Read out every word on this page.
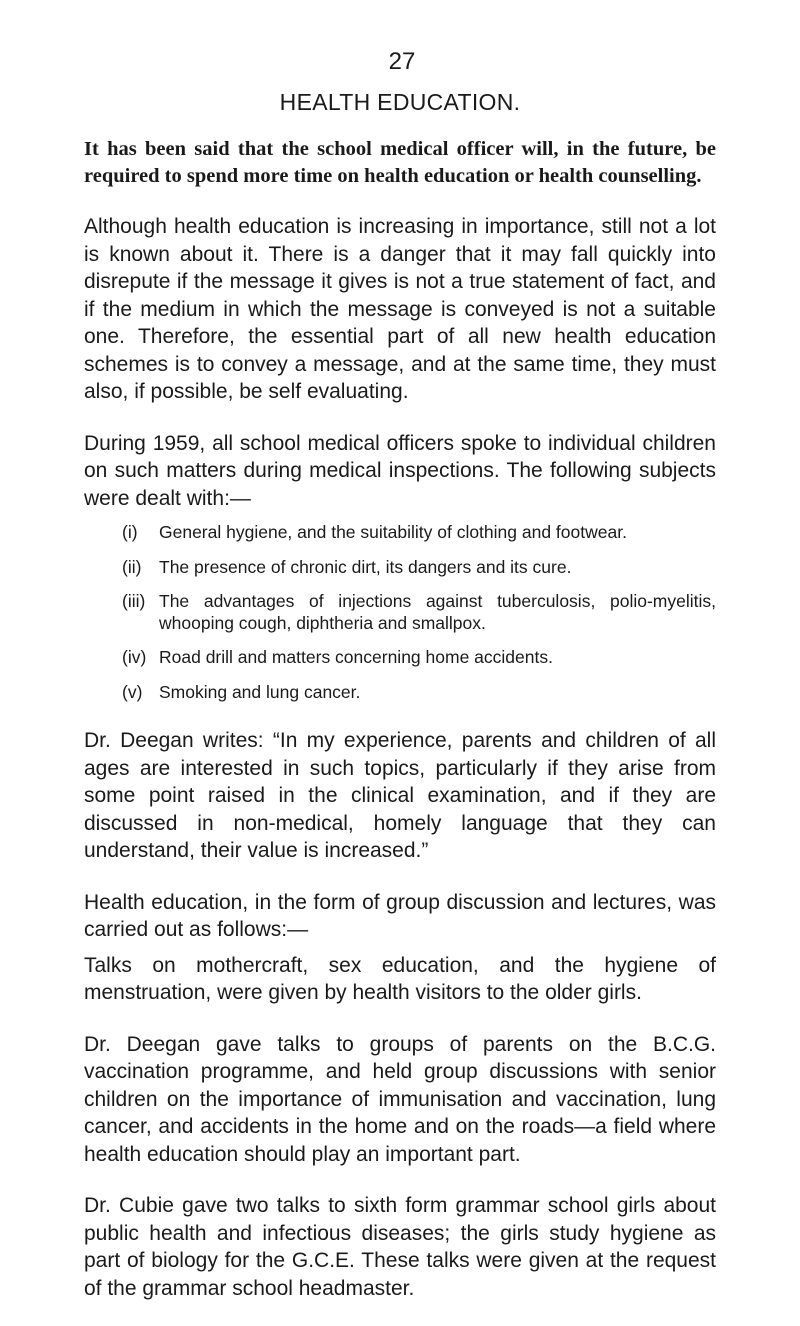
27
HEALTH EDUCATION.

It has been said that the school medical officer will, in the future, be required to spend more time on health education or health counselling.

Although health education is increasing in importance, still not a lot is known about it. There is a danger that it may fall quickly into disrepute if the message it gives is not a true statement of fact, and if the medium in which the message is conveyed is not a suitable one. Therefore, the essential part of all new health education schemes is to convey a message, and at the same time, they must also, if possible, be self evaluating.

During 1959, all school medical officers spoke to individual children on such matters during medical inspections. The following subjects were dealt with:—

(i)	General hygiene, and the suitability of clothing and footwear.
(ii)	The presence of chronic dirt, its dangers and its cure.
(iii) The advantages of injections against tuberculosis, polio-myelitis, whooping cough, diphtheria and smallpox.
(iv) Road drill and matters concerning home accidents.
(v) Smoking and lung cancer.

Dr. Deegan writes: “In my experience, parents and children of all ages are interested in such topics, particularly if they arise from some point raised in the clinical examination, and if they are discussed in non-medical, homely language that they can understand, their value is increased.”

Health education, in the form of group discussion and lectures, was carried out as follows:—

Talks on mothercraft, sex education, and the hygiene of menstruation, were given by health visitors to the older girls.

Dr. Deegan gave talks to groups of parents on the B.C.G. vaccination programme, and held group discussions with senior children on the importance of immunisation and vaccination, lung cancer, and accidents in the home and on the roads—a field where health education should play an important part.

Dr. Cubie gave two talks to sixth form grammar school girls about public health and infectious diseases; the girls study hygiene as part of biology for the G.C.E. These talks were given at the request of the grammar school headmaster.
